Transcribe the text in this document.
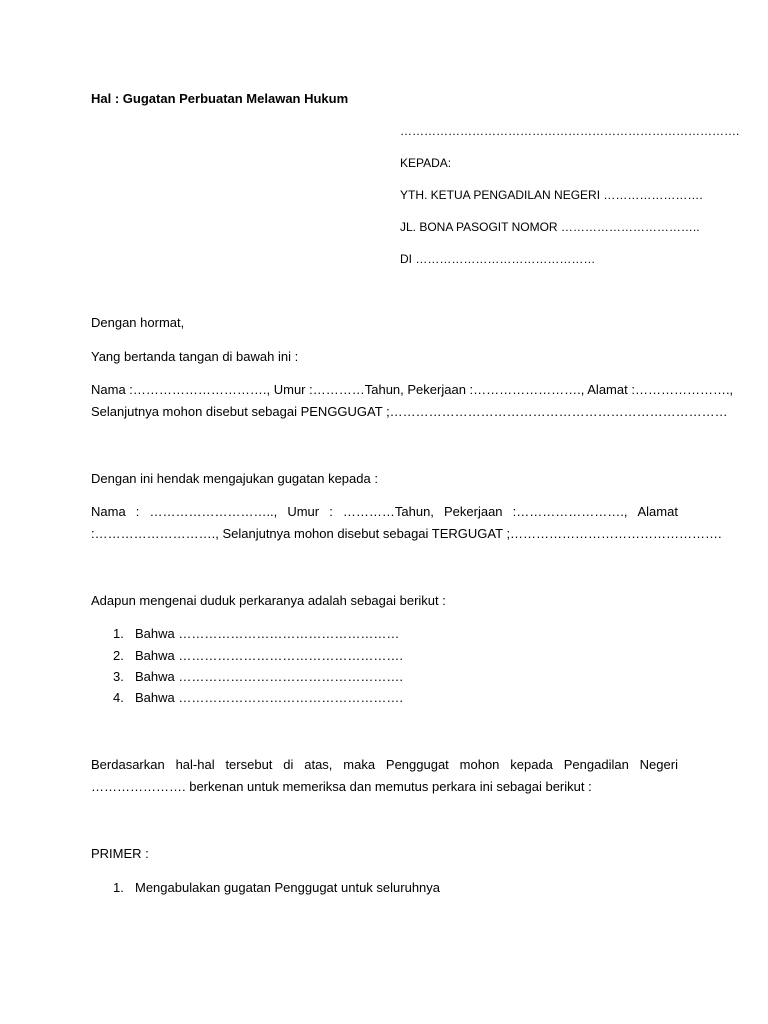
Hal : Gugatan Perbuatan Melawan Hukum
………………………………………………………………………….
KEPADA:
YTH. KETUA PENGADILAN NEGERI …………………….
JL. BONA PASOGIT NOMOR ……………………………..
DI ………………………………………
Dengan hormat,
Yang bertanda tangan di bawah ini :
Nama :…………………………., Umur :…………Tahun, Pekerjaan :……………………., Alamat :………………….,
Selanjutnya mohon disebut sebagai PENGGUGAT ;……………………………………………………………………
Dengan ini hendak mengajukan gugatan kepada :
Nama : ……………………….., Umur : …………Tahun, Pekerjaan :……………………., Alamat
:………………………., Selanjutnya mohon disebut sebagai TERGUGAT ;………………………………………….
Adapun mengenai duduk perkaranya adalah sebagai berikut :
1. Bahwa ……………………………………………
2. Bahwa …………………………………………….
3. Bahwa …………………………………………….
4. Bahwa …………………………………………….
Berdasarkan hal-hal tersebut di atas, maka Penggugat mohon kepada Pengadilan Negeri
…………………. berkenan untuk memeriksa dan memutus perkara ini sebagai berikut :
PRIMER :
1. Mengabulakan gugatan Penggugat untuk seluruhnya
